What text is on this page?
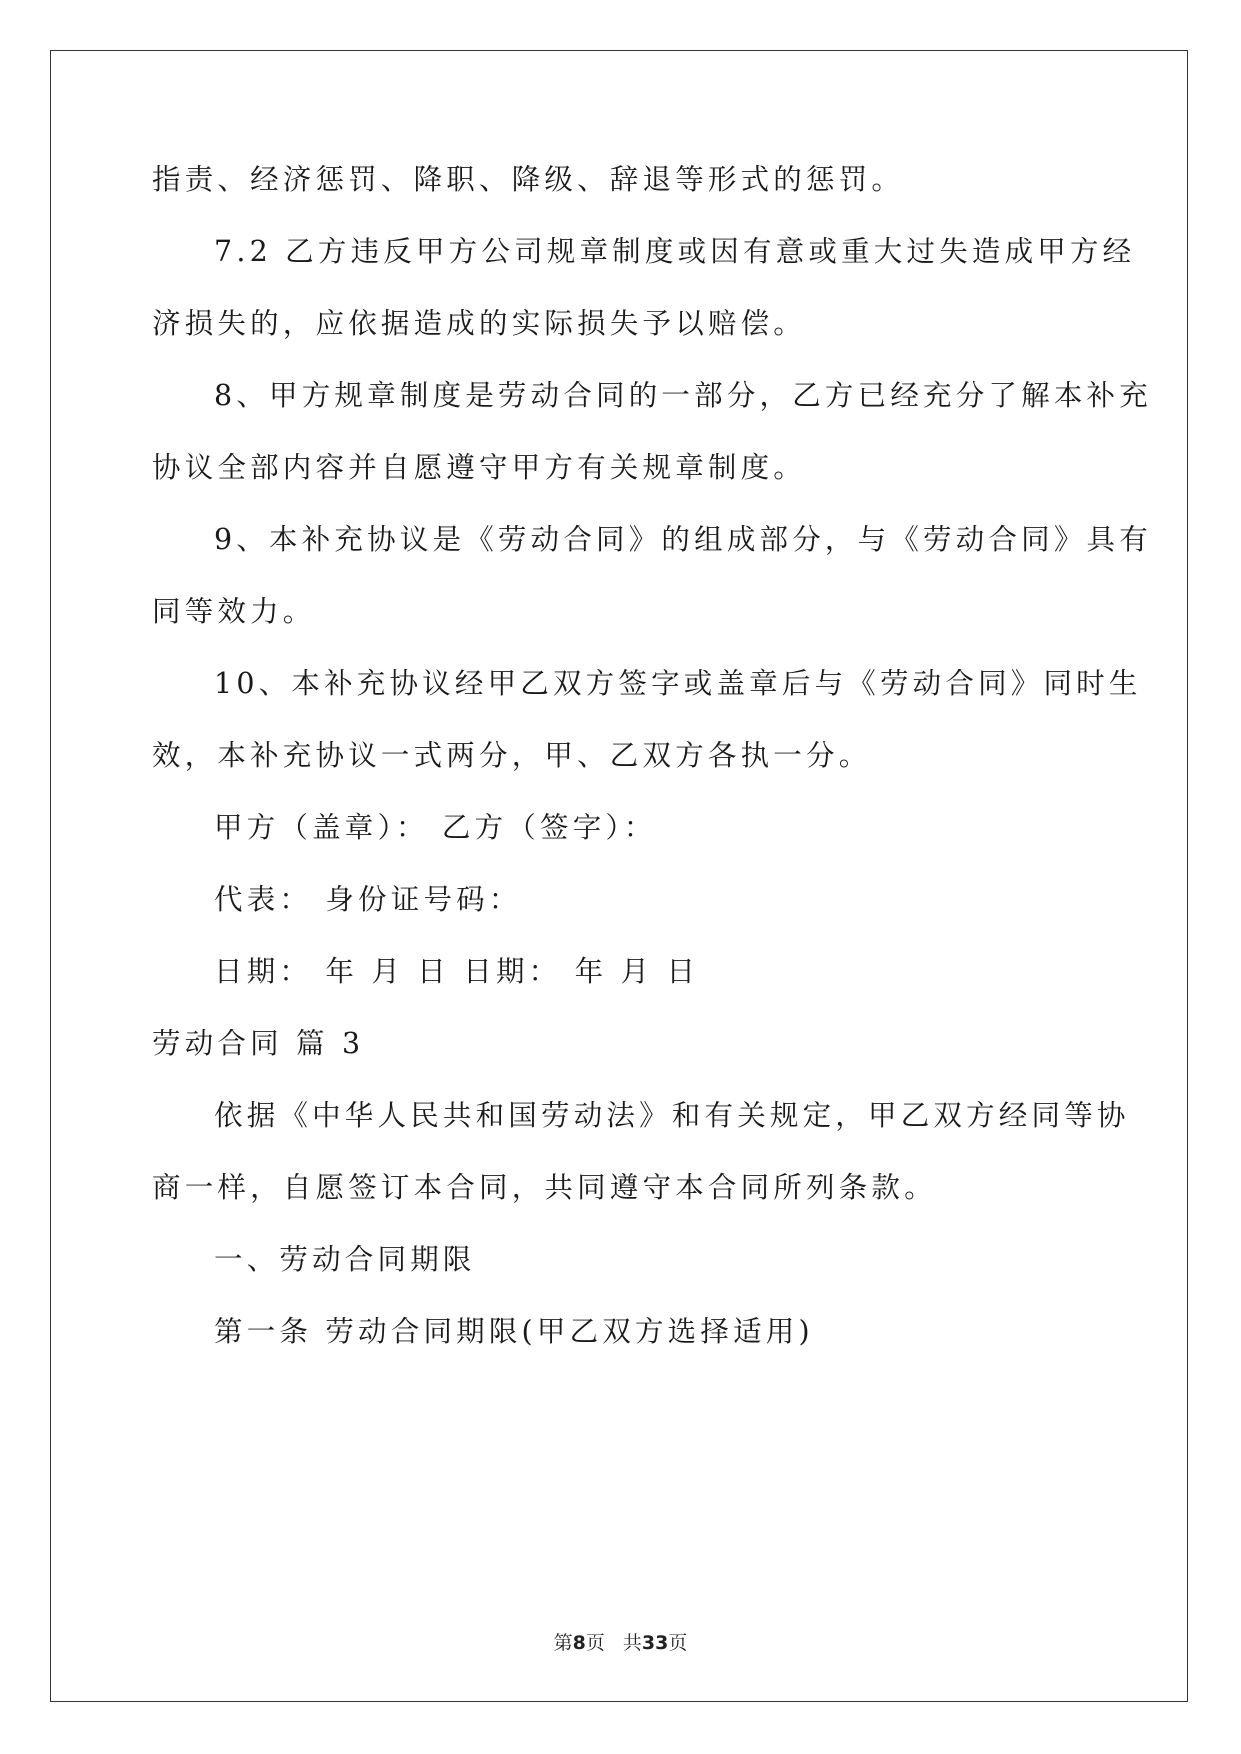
指责、经济惩罚、降职、降级、辞退等形式的惩罚。
7.2 乙方违反甲方公司规章制度或因有意或重大过失造成甲方经
济损失的，应依据造成的实际损失予以赔偿。
8、甲方规章制度是劳动合同的一部分，乙方已经充分了解本补充
协议全部内容并自愿遵守甲方有关规章制度。
9、本补充协议是《劳动合同》的组成部分，与《劳动合同》具有
同等效力。
10、本补充协议经甲乙双方签字或盖章后与《劳动合同》同时生
效，本补充协议一式两分，甲、乙双方各执一分。
甲方（盖章）： 乙方（签字）：
代表： 身份证号码：
日期： 年 月 日 日期： 年 月 日
劳动合同 篇 3
依据《中华人民共和国劳动法》和有关规定，甲乙双方经同等协
商一样，自愿签订本合同，共同遵守本合同所列条款。
一、劳动合同期限
第一条 劳动合同期限(甲乙双方选择适用)
第8页 共33页
